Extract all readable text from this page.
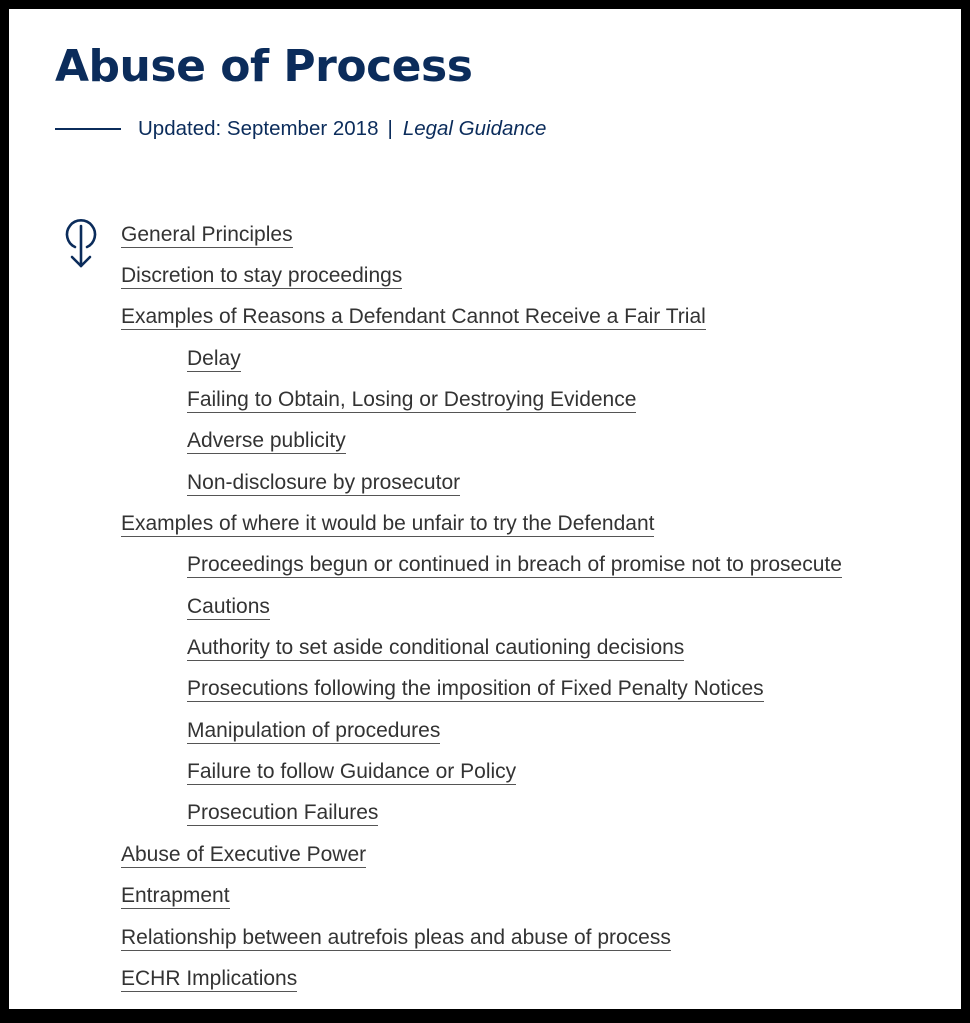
Abuse of Process
Updated: September 2018 | Legal Guidance
General Principles
Discretion to stay proceedings
Examples of Reasons a Defendant Cannot Receive a Fair Trial
Delay
Failing to Obtain, Losing or Destroying Evidence
Adverse publicity
Non-disclosure by prosecutor
Examples of where it would be unfair to try the Defendant
Proceedings begun or continued in breach of promise not to prosecute
Cautions
Authority to set aside conditional cautioning decisions
Prosecutions following the imposition of Fixed Penalty Notices
Manipulation of procedures
Failure to follow Guidance or Policy
Prosecution Failures
Abuse of Executive Power
Entrapment
Relationship between autrefois pleas and abuse of process
ECHR Implications
